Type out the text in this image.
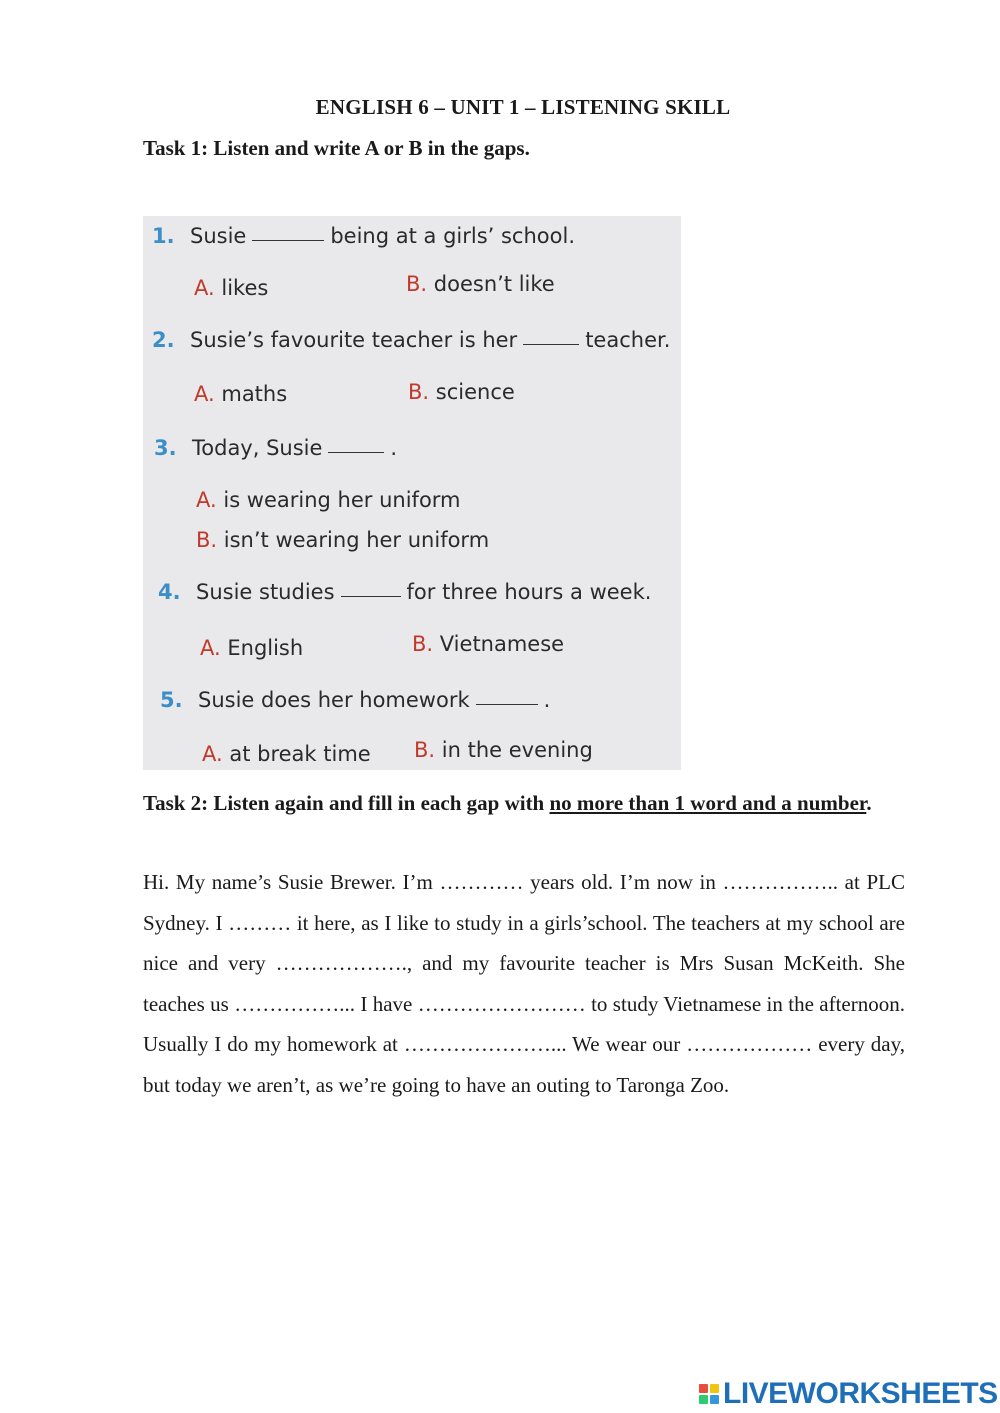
ENGLISH 6 – UNIT 1 – LISTENING SKILL
Task 1: Listen and write A or B in the gaps.
1. Susie	being at a girls’ school.
A. likes	B. doesn’t like
2. Susie’s favourite teacher is her	teacher.
A. maths	B. science
3. Today, Susie	.
A. is wearing her uniform
B. isn’t wearing her uniform
4. Susie studies	for three hours a week.
A. English	B. Vietnamese
5. Susie does her homework	.
A. at break time B. in the evening
Task 2: Listen again and fill in each gap with no more than 1 word and a number.
Hi. My name’s Susie Brewer. I’m ………… years old. I’m now in …………….. at PLC Sydney. I ……… it here, as I like to study in a girls’school. The teachers at my school are nice and very ………………., and my favourite teacher is Mrs Susan McKeith. She teaches us ……………... I have …………………… to study Vietnamese in the afternoon. Usually I do my homework at …………………... We wear our ……………… every day, but today we aren’t, as we’re going to have an outing to Taronga Zoo.
LIVEWORKSHEETS
